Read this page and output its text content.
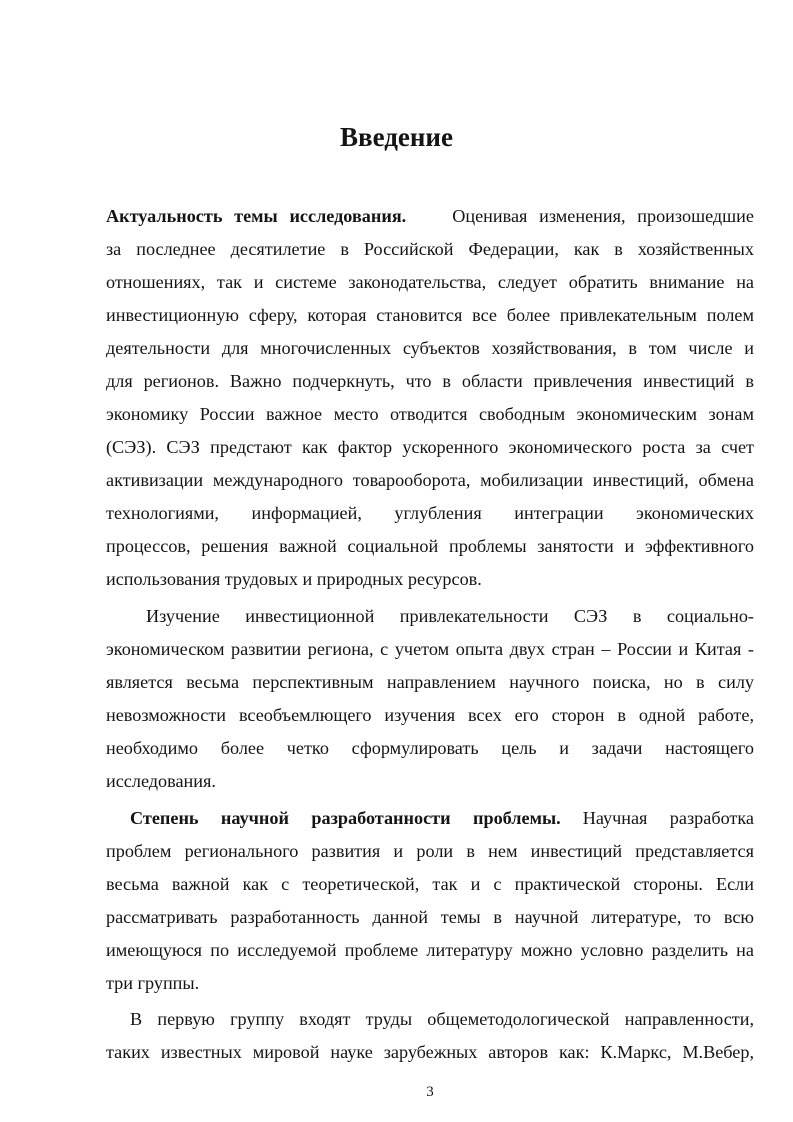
Введение
Актуальность темы исследования.	Оценивая изменения, произошедшие
за последнее десятилетие в Российской Федерации, как в хозяйственных
отношениях, так и системе законодательства, следует обратить внимание на
инвестиционную сферу, которая становится все более привлекательным полем
деятельности для многочисленных субъектов хозяйствования, в том числе и
для регионов. Важно подчеркнуть, что в области привлечения инвестиций в
экономику России важное место отводится свободным экономическим зонам
(СЭЗ). СЭЗ предстают как фактор ускоренного экономического роста за счет
активизации международного товарооборота, мобилизации инвестиций, обмена
технологиями, информацией, углубления интеграции экономических
процессов, решения важной социальной проблемы занятости и эффективного
использования трудовых и природных ресурсов.
Изучение инвестиционной привлекательности СЭЗ в социально-
экономическом развитии региона, с учетом опыта двух стран – России и Китая -
является весьма перспективным направлением научного поиска, но в силу
невозможности всеобъемлющего изучения всех его сторон в одной работе,
необходимо более четко сформулировать цель и задачи настоящего
исследования.
Степень научной разработанности проблемы. Научная разработка
проблем регионального развития и роли в нем инвестиций представляется
весьма важной как с теоретической, так и с практической стороны. Если
рассматривать разработанность данной темы в научной литературе, то всю
имеющуюся по исследуемой проблеме литературу можно условно разделить на
три группы.
В первую группу входят труды общеметодологической направленности,
таких известных мировой науке зарубежных авторов как: К.Маркс, М.Вебер,
3
